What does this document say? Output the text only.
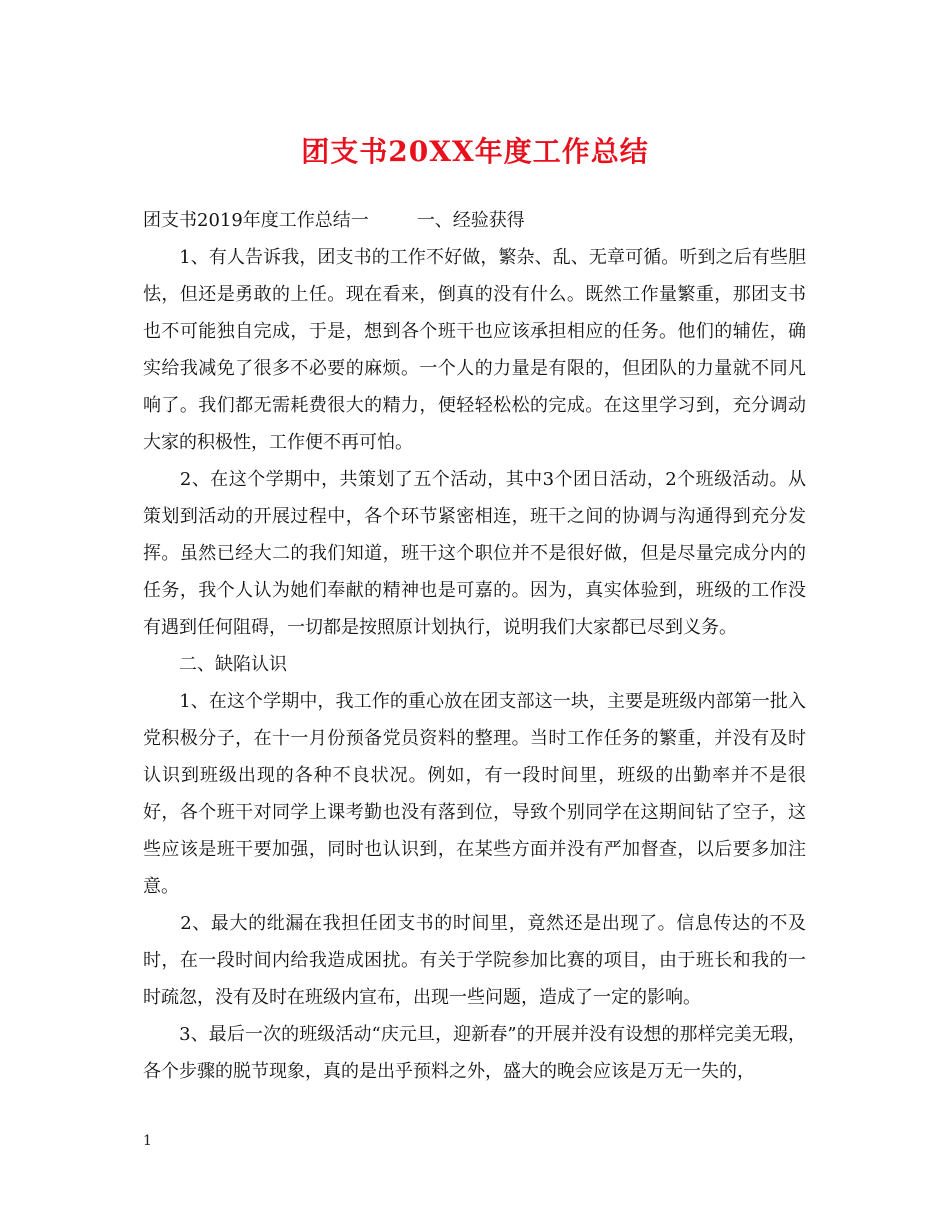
团支书20XX年度工作总结

团支书2019年度工作总结一	一、经验获得

　　1、有人告诉我，团支书的工作不好做，繁杂、乱、无章可循。听到之后有些胆怯，但还是勇敢的上任。现在看来，倒真的没有什么。既然工作量繁重，那团支书也不可能独自完成，于是，想到各个班干也应该承担相应的任务。他们的辅佐，确实给我减免了很多不必要的麻烦。一个人的力量是有限的，但团队的力量就不同凡响了。我们都无需耗费很大的精力，便轻轻松松的完成。在这里学习到，充分调动大家的积极性，工作便不再可怕。

　　2、在这个学期中，共策划了五个活动，其中3个团日活动，2个班级活动。从策划到活动的开展过程中，各个环节紧密相连，班干之间的协调与沟通得到充分发挥。虽然已经大二的我们知道，班干这个职位并不是很好做，但是尽量完成分内的任务，我个人认为她们奉献的精神也是可嘉的。因为，真实体验到，班级的工作没有遇到任何阻碍，一切都是按照原计划执行，说明我们大家都已尽到义务。

　　二、缺陷认识

　　1、在这个学期中，我工作的重心放在团支部这一块，主要是班级内部第一批入党积极分子，在十一月份预备党员资料的整理。当时工作任务的繁重，并没有及时认识到班级出现的各种不良状况。例如，有一段时间里，班级的出勤率并不是很好，各个班干对同学上课考勤也没有落到位，导致个别同学在这期间钻了空子，这些应该是班干要加强，同时也认识到，在某些方面并没有严加督查，以后要多加注意。

　　2、最大的纰漏在我担任团支书的时间里，竟然还是出现了。信息传达的不及时，在一段时间内给我造成困扰。有关于学院参加比赛的项目，由于班长和我的一时疏忽，没有及时在班级内宣布，出现一些问题，造成了一定的影响。

　　3、最后一次的班级活动“庆元旦，迎新春”的开展并没有设想的那样完美无瑕，各个步骤的脱节现象，真的是出乎预料之外，盛大的晚会应该是万无一失的，

1
